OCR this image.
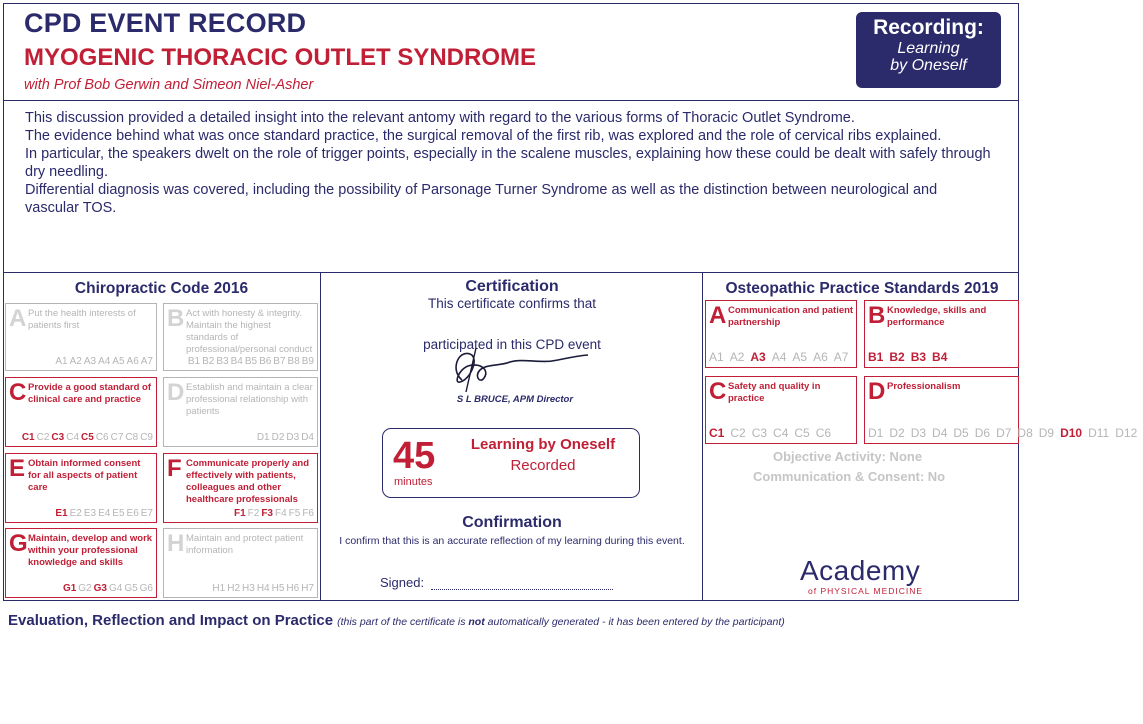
CPD EVENT RECORD
MYOGENIC THORACIC OUTLET SYNDROME
with Prof Bob Gerwin and Simeon Niel-Asher
Recording:
Learning
by Oneself

This discussion provided a detailed insight into the relevant antomy with regard to the various forms of Thoracic Outlet Syndrome.

The evidence behind what was once standard practice, the surgical removal of the first rib, was explored and the role of cervical ribs explained.

In particular, the speakers dwelt on the role of trigger points, especially in the scalene muscles, explaining how these could be dealt with safely through dry needling.

Differential diagnosis was covered, including the possibility of Parsonage Turner Syndrome as well as the distinction between neurological and vascular TOS.

Chiropractic Code 2016
A Put the health interests of patients first
A1 A2 A3 A4 A5 A6 A7
B Act with honesty & integrity. Maintain the highest standards of professional/personal conduct
B1 B2 B3 B4 B5 B6 B7 B8 B9
C Provide a good standard of clinical care and practice
C1 C2 C3 C4 C5 C6 C7 C8 C9
D Establish and maintain a clear professional relationship with patients
D1 D2 D3 D4
E Obtain informed consent for all aspects of patient care
E1 E2 E3 E4 E5 E6 E7
F Communicate properly and effectively with patients, colleagues and other healthcare professionals
F1 F2 F3 F4 F5 F6
G Maintain, develop and work within your professional knowledge and skills
G1 G2 G3 G4 G5 G6
H Maintain and protect patient information
H1 H2 H3 H4 H5 H6 H7
Certification
This certificate confirms that
participated in this CPD event
S L BRUCE, APM Director
45
minutes
Learning by Oneself
Recorded
Confirmation
I confirm that this is an accurate reflection of my learning during this event.
Signed:
Osteopathic Practice Standards 2019
A Communication and patient partnership
A1 A2 A3 A4 A5 A6 A7
B Knowledge, skills and performance
B1 B2 B3 B4
C Safety and quality in practice
C1 C2 C3 C4 C5 C6
D Professionalism
D1 D2 D3 D4 D5 D6 D7 D8 D9 D10 D11 D12
Objective Activity: None
Communication & Consent: No
Academy
of PHYSICAL MEDICINE
Evaluation, Reflection and Impact on Practice (this part of the certificate is not automatically generated - it has been entered by the participant)
